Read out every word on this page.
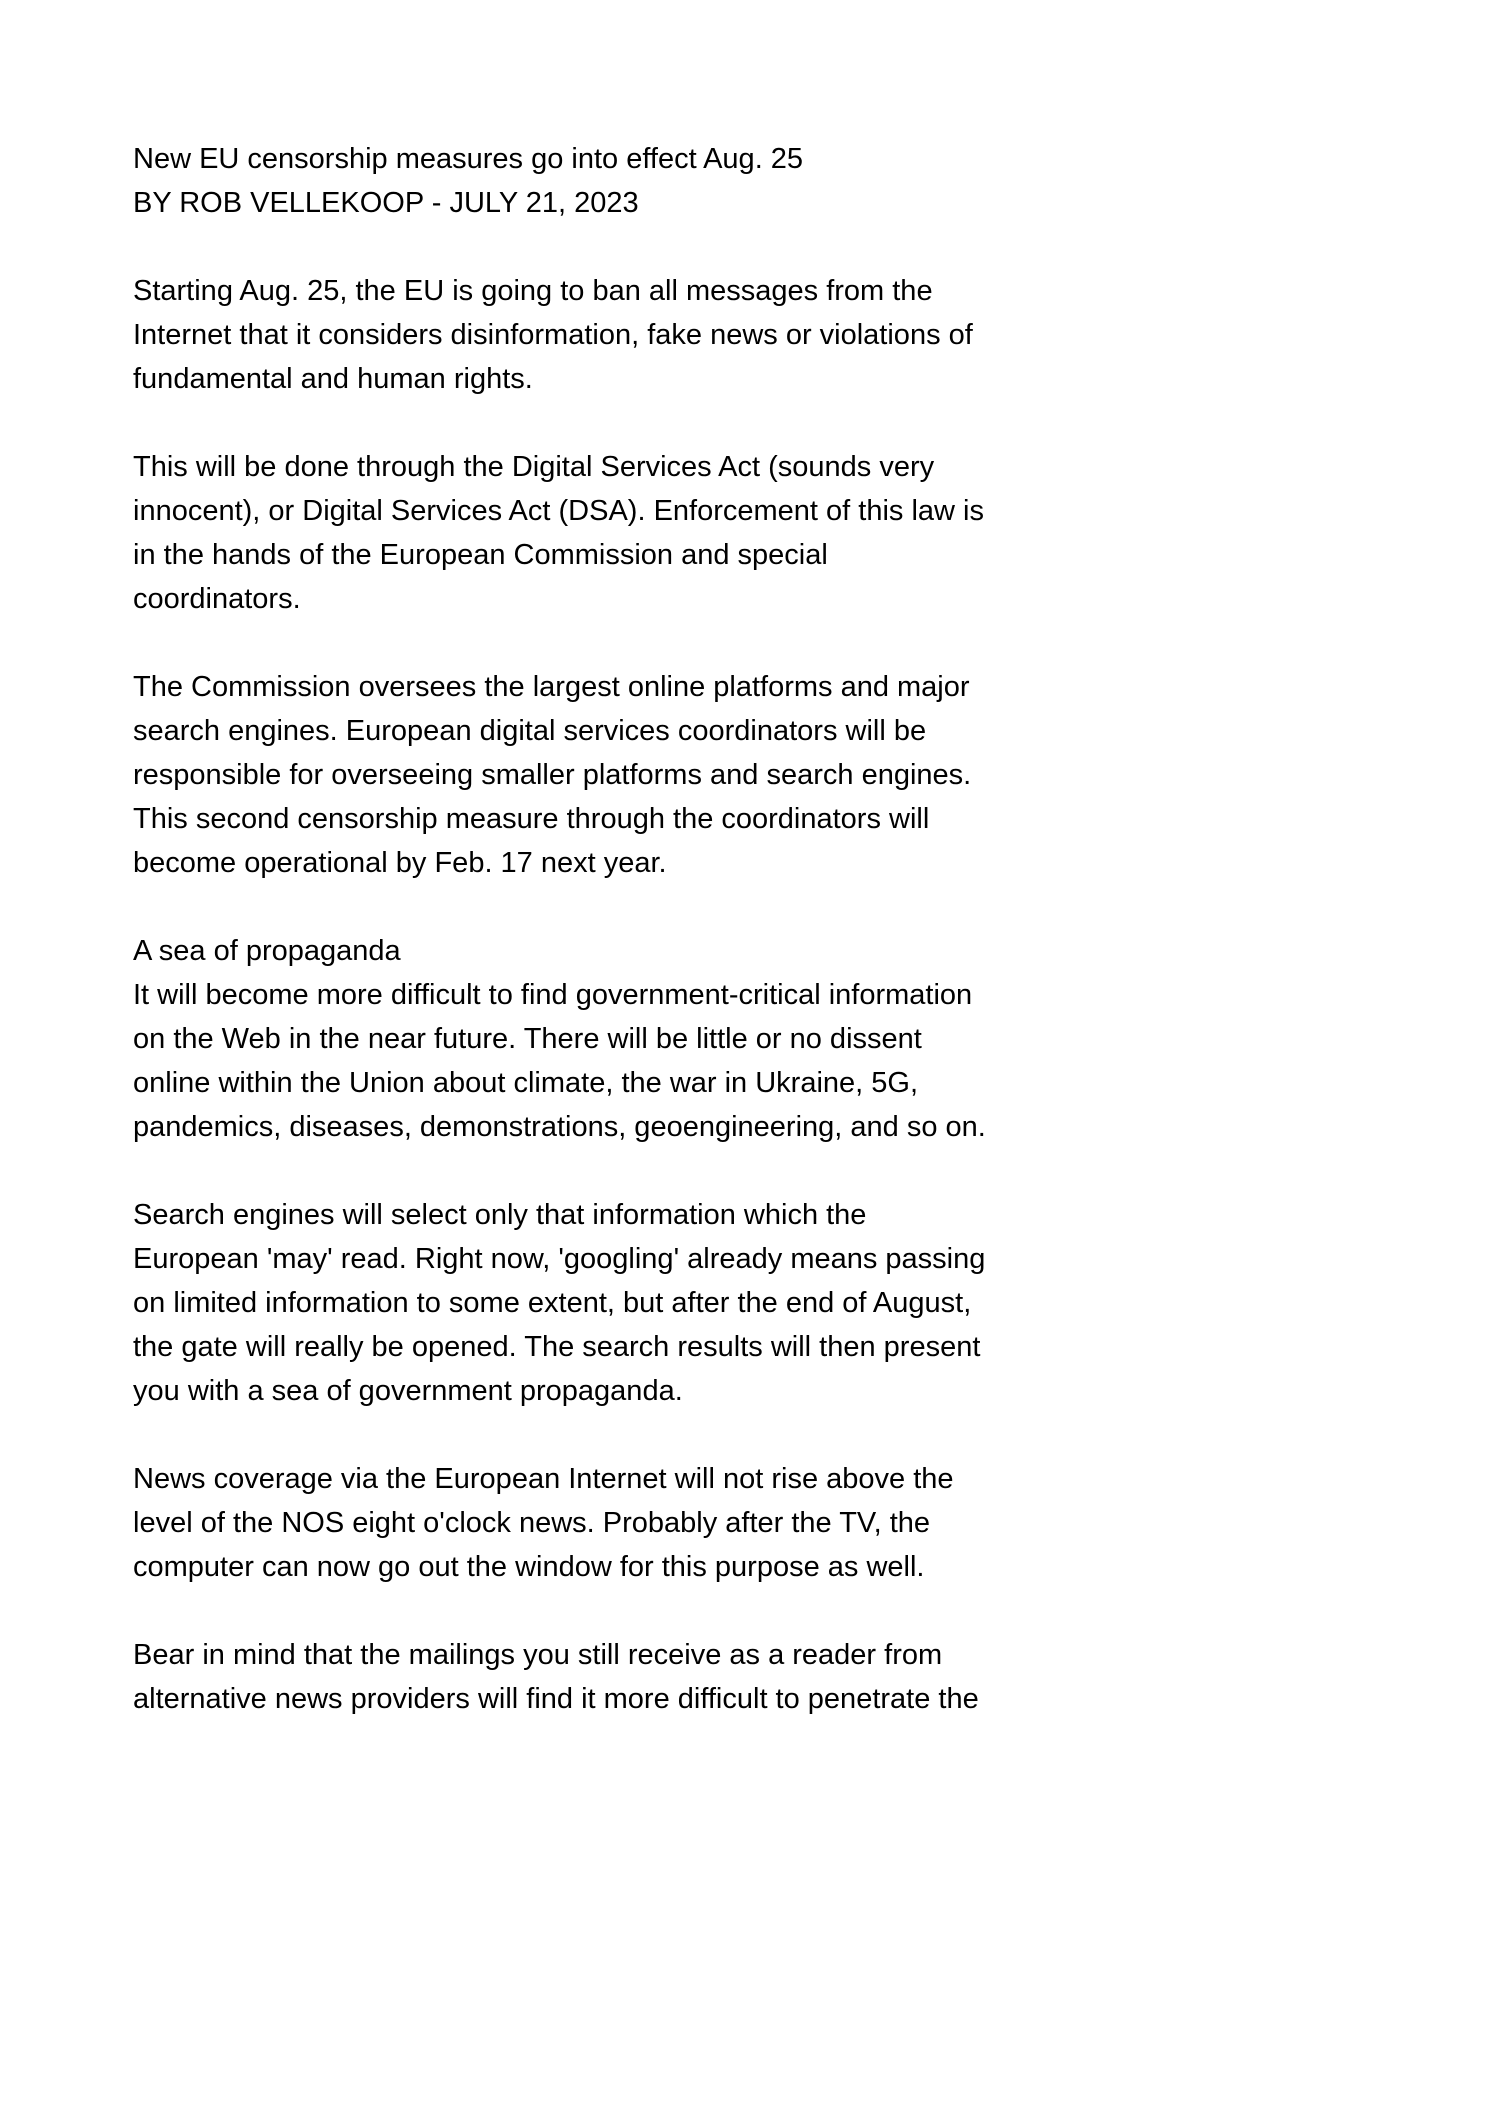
New EU censorship measures go into effect Aug. 25

BY ROB VELLEKOOP - JULY 21, 2023

Starting Aug. 25, the EU is going to ban all messages from the Internet that it considers disinformation, fake news or violations of fundamental and human rights.

This will be done through the Digital Services Act (sounds very innocent), or Digital Services Act (DSA). Enforcement of this law is in the hands of the European Commission and special coordinators.

The Commission oversees the largest online platforms and major search engines. European digital services coordinators will be responsible for overseeing smaller platforms and search engines. This second censorship measure through the coordinators will become operational by Feb. 17 next year.

A sea of propaganda

It will become more difficult to find government-critical information on the Web in the near future. There will be little or no dissent online within the Union about climate, the war in Ukraine, 5G, pandemics, diseases, demonstrations, geoengineering, and so on.

Search engines will select only that information which the European 'may' read. Right now, 'googling' already means passing on limited information to some extent, but after the end of August, the gate will really be opened. The search results will then present you with a sea of government propaganda.

News coverage via the European Internet will not rise above the level of the NOS eight o'clock news. Probably after the TV, the computer can now go out the window for this purpose as well.

Bear in mind that the mailings you still receive as a reader from alternative news providers will find it more difficult to penetrate the
